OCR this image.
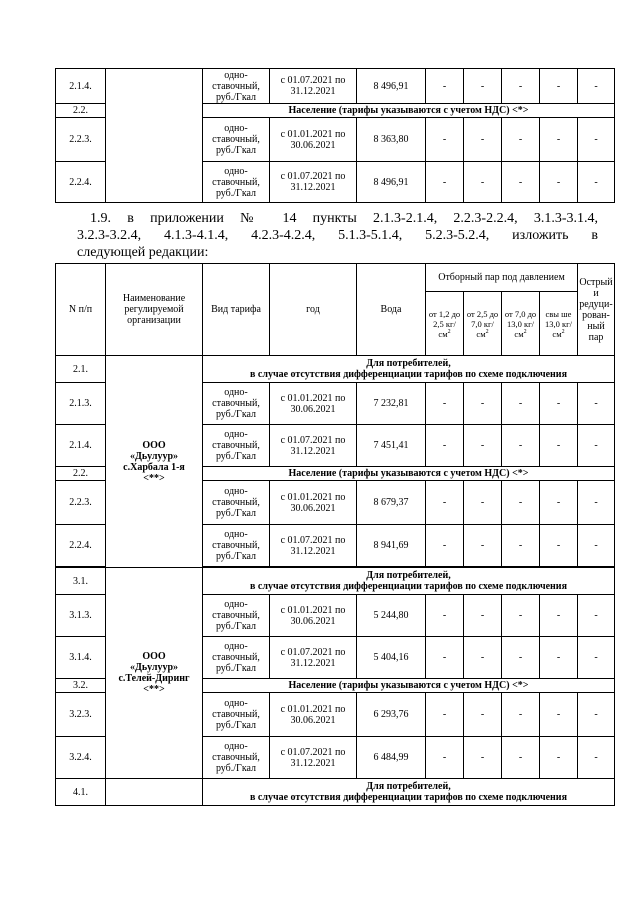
2.1.4.		одно-ставочный, руб./Гкал	с 01.07.2021 по 31.12.2021	8 496,91	-	-	-	-	-
2.2.		Население (тарифы указываются с учетом НДС) <*>							
2.2.3.		одно-ставочный, руб./Гкал	с 01.01.2021 по 30.06.2021	8 363,80	-	-	-	-	-
2.2.4.		одно-ставочный, руб./Гкал	с 01.07.2021 по 31.12.2021	8 496,91	-	-	-	-	-
1.9. в приложении № 14 пункты 2.1.3-2.1.4, 2.2.3-2.2.4, 3.1.3-3.1.4,
3.2.3-3.2.4, 4.1.3-4.1.4, 4.2.3-4.2.4, 5.1.3-5.1.4, 5.2.3-5.2.4, изложить в
следующей редакции:
N п/п	Наименование регулируемой организации	Вид тарифа	год	Вода	Отборный пар под давлением				Острый и редуци-рован-ный пар
					от 1,2 до 2,5 кг/ $см^2$	от 2,5 до 7,0 кг/ $см^2$	от 7,0 до 13,0 кг/ $см^2$	свы ше 13,0 кг/ $см^2$
2.1.	ООО
«Дьулуур»
с.Харбала 1-я
<**>	Для потребителей,
в случае отсутствия дифференциации тарифов по схеме подключения							
2.1.3.		одно-ставочный, руб./Гкал	с 01.01.2021 по 30.06.2021	7 232,81	-	-	-	-	-
2.1.4.		одно-ставочный, руб./Гкал	с 01.07.2021 по 31.12.2021	7 451,41	-	-	-	-	-
2.2.		Население (тарифы указываются с учетом НДС) <*>							
2.2.3.		одно-ставочный, руб./Гкал	с 01.01.2021 по 30.06.2021	8 679,37	-	-	-	-	-
2.2.4.		одно-ставочный, руб./Гкал	с 01.07.2021 по 31.12.2021	8 941,69	-	-	-	-	-

3.1.	ООО
«Дьулуур»
с.Телей-Диринг
<**>	Для потребителей,
в случае отсутствия дифференциации тарифов по схеме подключения							
3.1.3.		одно-ставочный, руб./Гкал	с 01.01.2021 по 30.06.2021	5 244,80	-	-	-	-	-
3.1.4.		одно-ставочный, руб./Гкал	с 01.07.2021 по 31.12.2021	5 404,16	-	-	-	-	-
3.2.		Население (тарифы указываются с учетом НДС) <*>							
3.2.3.		одно-ставочный, руб./Гкал	с 01.01.2021 по 30.06.2021	6 293,76	-	-	-	-	-
3.2.4.		одно-ставочный, руб./Гкал	с 01.07.2021 по 31.12.2021	6 484,99	-	-	-	-	-
4.1.		Для потребителей,
в случае отсутствия дифференциации тарифов по схеме подключения							
